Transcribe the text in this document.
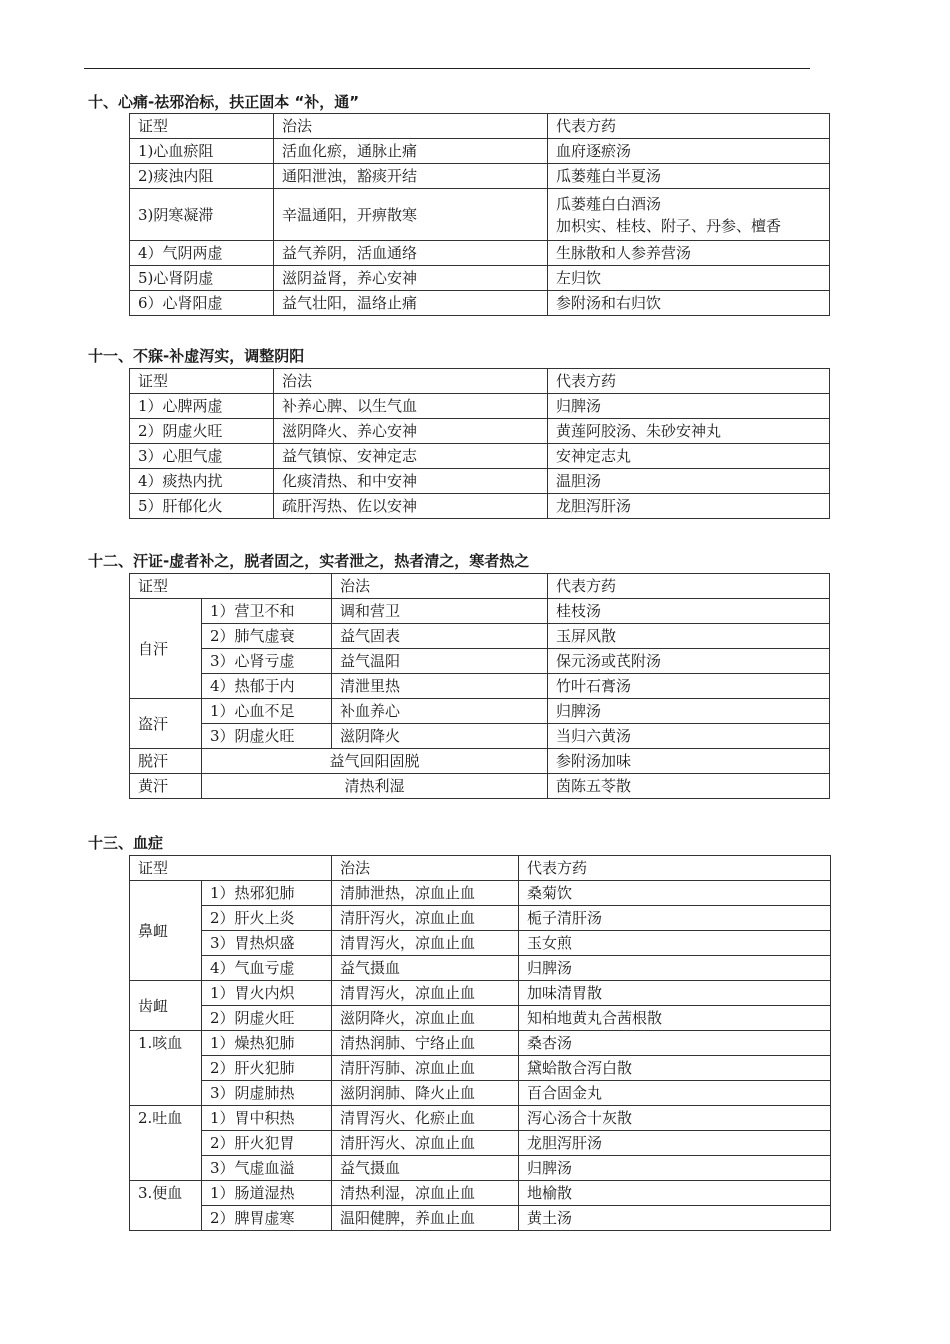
十、心痛-祛邪治标，扶正固本 “补，通”
证型	治法	代表方药
1)心血瘀阻	活血化瘀，通脉止痛	血府逐瘀汤
2)痰浊内阻	通阳泄浊，豁痰开结	瓜蒌薤白半夏汤
3)阴寒凝滞	辛温通阳，开痹散寒	瓜蒌薤白白酒汤
加枳实、桂枝、附子、丹参、檀香

4）气阴两虚	益气养阴，活血通络	生脉散和人参养营汤
5)心肾阴虚	滋阴益肾，养心安神	左归饮
6）心肾阳虚	益气壮阳，温络止痛	参附汤和右归饮
十一、不寐-补虚泻实，调整阴阳
证型	治法	代表方药
1）心脾两虚	补养心脾、以生气血	归脾汤
2）阴虚火旺	滋阴降火、养心安神	黄莲阿胶汤、朱砂安神丸
3）心胆气虚	益气镇惊、安神定志	安神定志丸
4）痰热内扰	化痰清热、和中安神	温胆汤
5）肝郁化火	疏肝泻热、佐以安神	龙胆泻肝汤
十二、汗证-虚者补之，脱者固之，实者泄之，热者清之，寒者热之
证型		治法	代表方药
自汗	1）营卫不和	调和营卫	桂枝汤
	2）肺气虚衰	益气固表	玉屏风散
	3）心肾亏虚	益气温阳	保元汤或芪附汤
	4）热郁于内	清泄里热	竹叶石膏汤
盗汗	1）心血不足	补血养心	归脾汤
	3）阴虚火旺	滋阴降火	当归六黄汤
脱汗	益气回阳固脱		参附汤加味
黄汗	清热利湿		茵陈五苓散
十三、血症
证型		治法	代表方药
鼻衄	1）热邪犯肺	清肺泄热，凉血止血	桑菊饮
	2）肝火上炎	清肝泻火，凉血止血	栀子清肝汤
	3）胃热炽盛	清胃泻火，凉血止血	玉女煎
	4）气血亏虚	益气摄血	归脾汤
齿衄	1）胃火内炽	清胃泻火，凉血止血	加味清胃散
	2）阴虚火旺	滋阴降火，凉血止血	知柏地黄丸合茜根散
1.咳血	1）燥热犯肺	清热润肺、宁络止血	桑杏汤
	2）肝火犯肺	清肝泻肺、凉血止血	黛蛤散合泻白散
	3）阴虚肺热	滋阴润肺、降火止血	百合固金丸
2.吐血	1）胃中积热	清胃泻火、化瘀止血	泻心汤合十灰散
	2）肝火犯胃	清肝泻火、凉血止血	龙胆泻肝汤
	3）气虚血溢	益气摄血	归脾汤
3.便血	1）肠道湿热	清热利湿，凉血止血	地榆散
	2）脾胃虚寒	温阳健脾，养血止血	黄土汤
